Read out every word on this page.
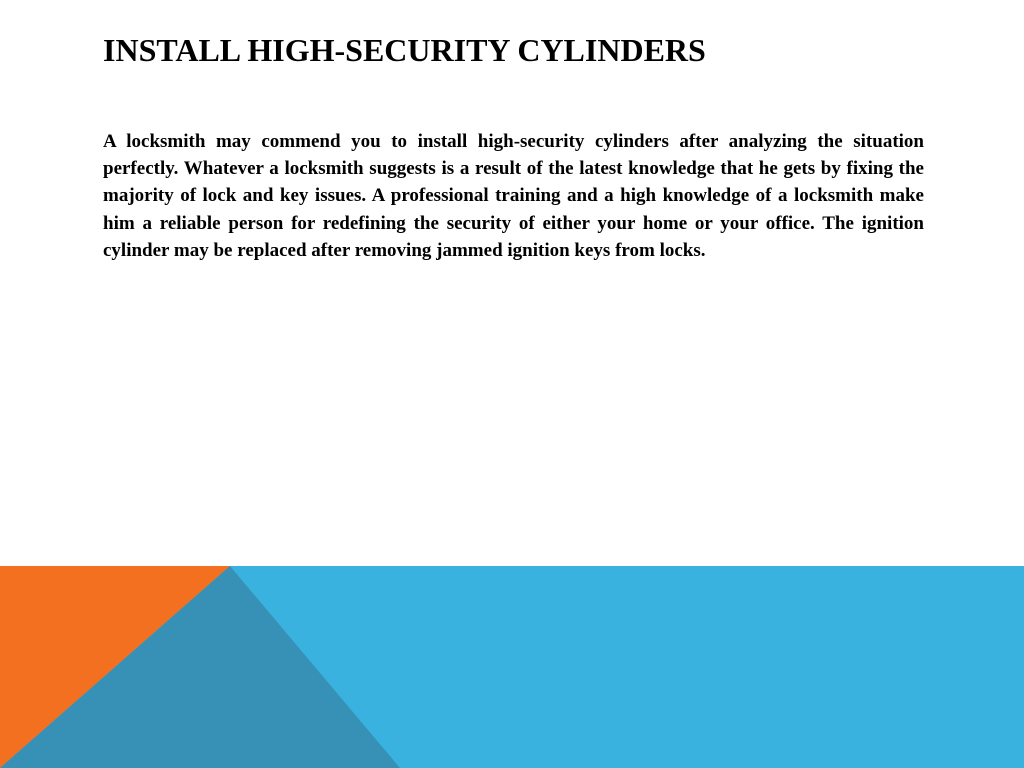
INSTALL HIGH-SECURITY CYLINDERS

A locksmith may commend you to install high-security cylinders after analyzing the situation perfectly. Whatever a locksmith suggests is a result of the latest knowledge that he gets by fixing the majority of lock and key issues. A professional training and a high knowledge of a locksmith make him a reliable person for redefining the security of either your home or your office. The ignition cylinder may be replaced after removing jammed ignition keys from locks.
